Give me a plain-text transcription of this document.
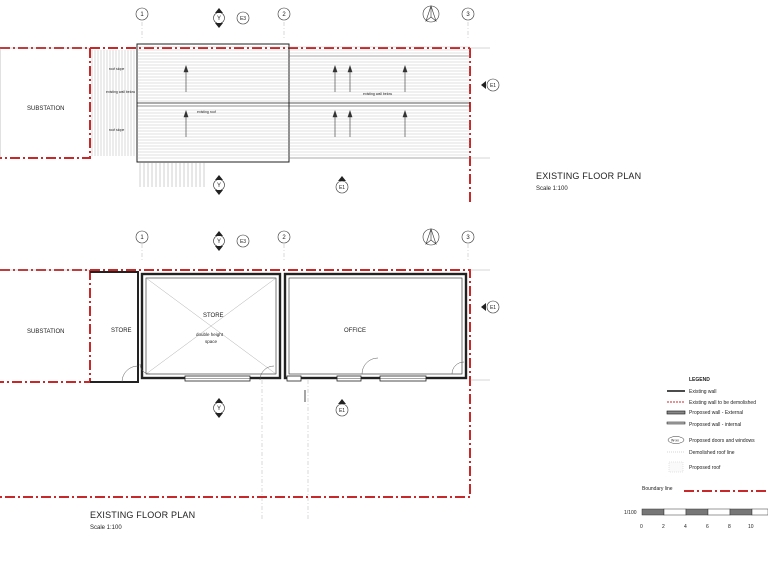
1	2	3
Y	E3
SUBSTATION
roof slope
existing wall below
roof slope
existing roof
existing wall below
Y	E1
E1
EXISTING FLOOR PLAN
Scale 1:100
1	2	3
Y	E3
SUBSTATION	STORE
STORE
double height
space
OFFICE
Y	E1
E1
EXISTING FLOOR PLAN
Scale 1:100
LEGEND
Existing wall
Existing wall to be demolished
Proposed wall - External
Proposed wall - internal
W-xx Proposed doors and windows
Demolished roof line
Proposed roof
Boundary line
1/100
0	2	4	6	8	10
